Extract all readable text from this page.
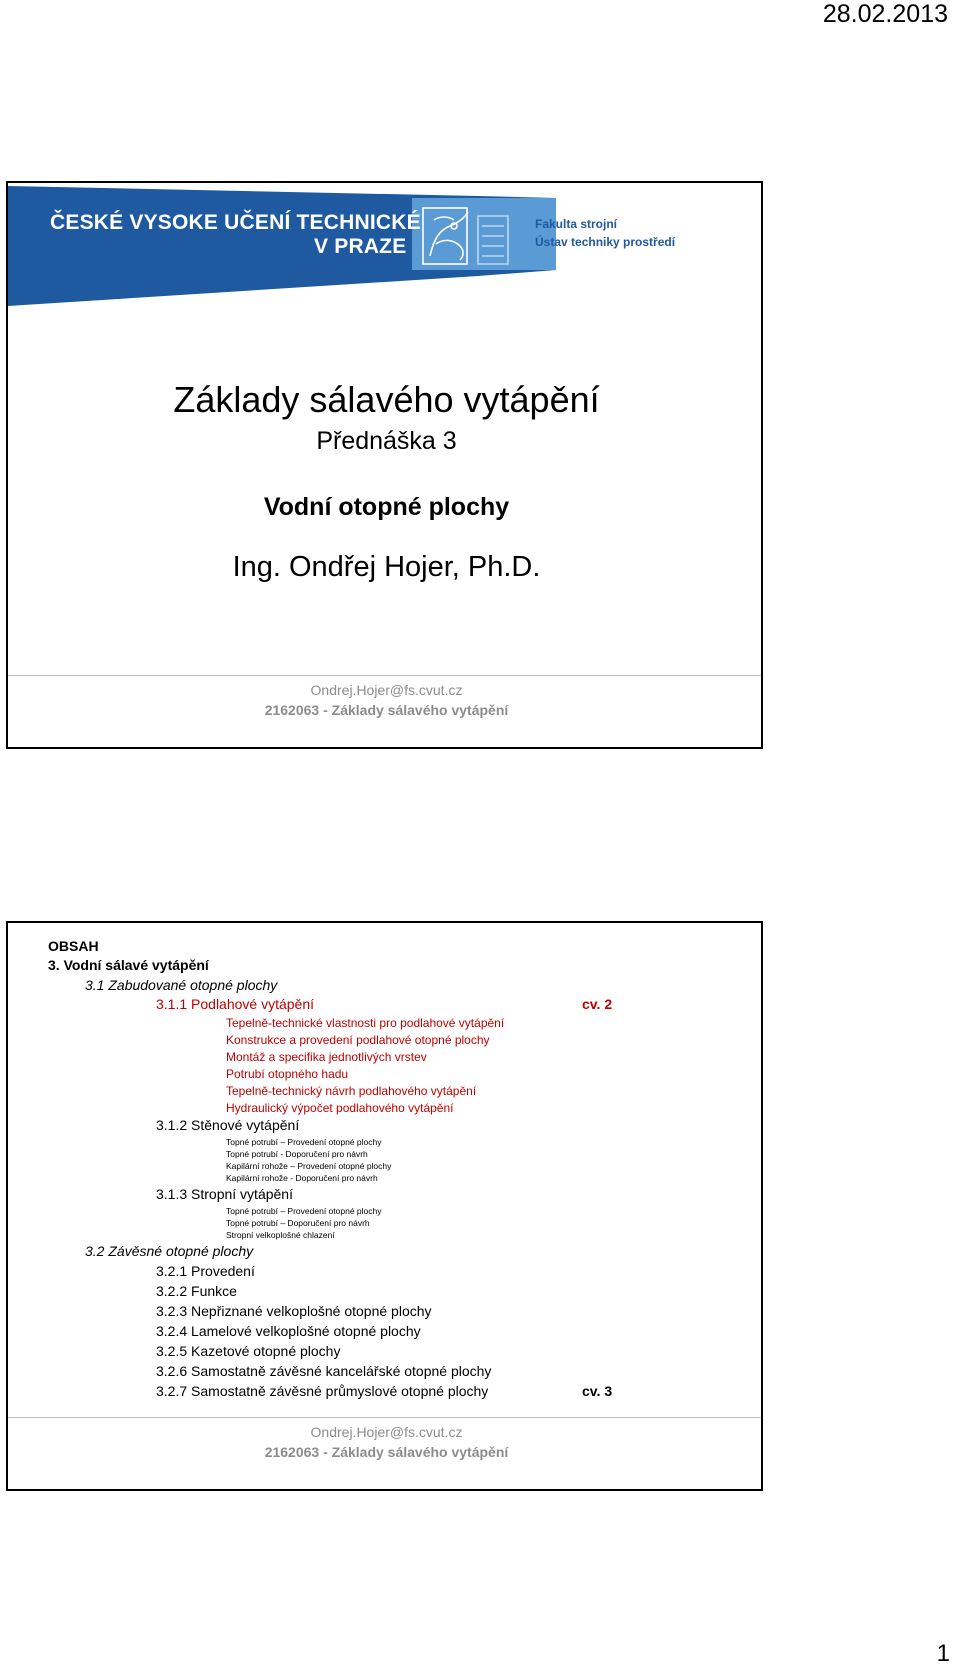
28.02.2013
ČESKÉ VYSOKE UČENÍ TECHNICKÉ
V PRAZE
Fakulta strojní
Ústav techniky prostředí
Základy sálavého vytápění
Přednáška 3
Vodní otopné plochy
Ing. Ondřej Hojer, Ph.D.
Ondrej.Hojer@fs.cvut.cz
2162063 - Základy sálavého vytápění
OBSAH
3. Vodní sálavé vytápění
3.1 Zabudované otopné plochy
3.1.1 Podlahové vytápění	cv. 2
Tepelně-technické vlastnosti pro podlahové vytápění
Konstrukce a provedení podlahové otopné plochy
Montáž a specifika jednotlivých vrstev
Potrubí otopného hadu
Tepelně-technický návrh podlahového vytápění
Hydraulický výpočet podlahového vytápění
3.1.2 Stěnové vytápění
Topné potrubí – Provedení otopné plochy
Topné potrubí - Doporučení pro návrh
Kapilární rohože – Provedení otopné plochy
Kapilární rohože - Doporučení pro návrh
3.1.3 Stropní vytápění
Topné potrubí – Provedení otopné plochy
Topné potrubí – Doporučení pro návrh
Stropní velkoplošné chlazení
3.2 Závěsné otopné plochy
3.2.1 Provedení
3.2.2 Funkce
3.2.3 Nepřiznané velkoplošné otopné plochy
3.2.4 Lamelové velkoplošné otopné plochy
3.2.5 Kazetové otopné plochy
3.2.6 Samostatně závěsné kancelářské otopné plochy
3.2.7 Samostatně závěsné průmyslové otopné plochy	cv. 3
Ondrej.Hojer@fs.cvut.cz
2162063 - Základy sálavého vytápění
1
